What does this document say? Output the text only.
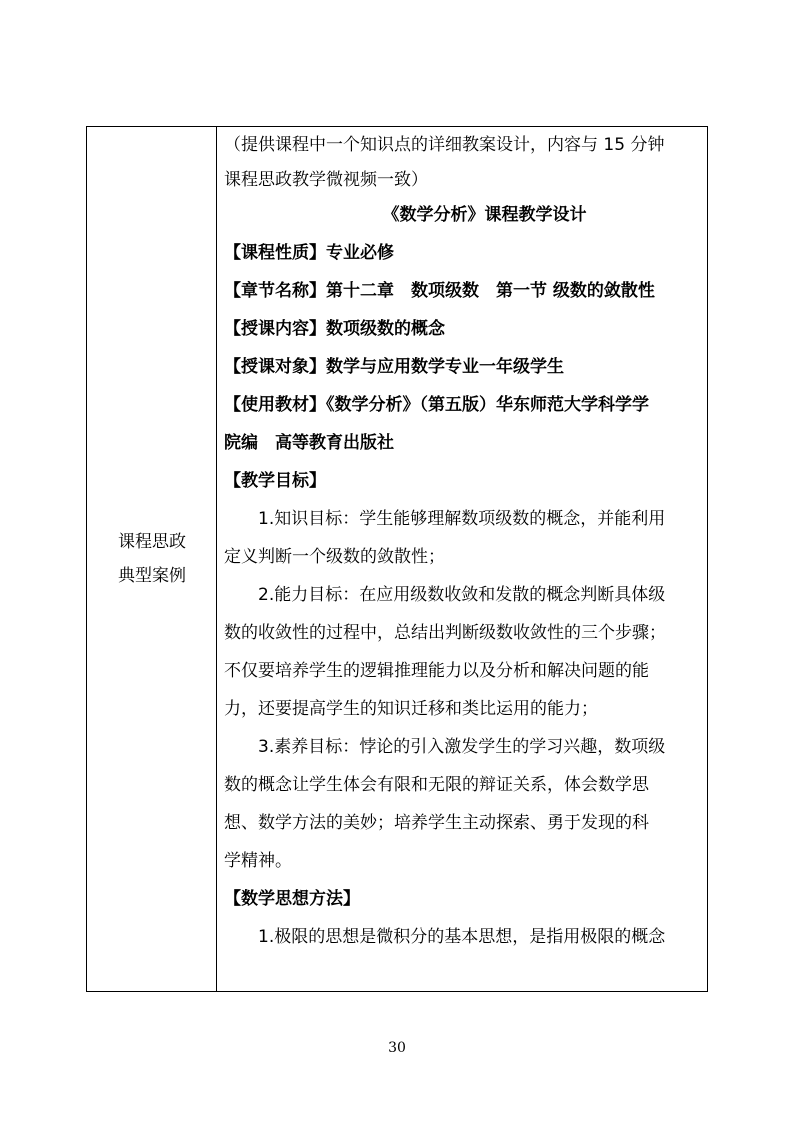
课程思政
典型案例
（提供课程中一个知识点的详细教案设计，内容与 15 分钟
课程思政教学微视频一致）
《数学分析》课程教学设计
【课程性质】专业必修
【章节名称】第十二章　数项级数　第一节 级数的敛散性
【授课内容】数项级数的概念
【授课对象】数学与应用数学专业一年级学生
【使用教材】《数学分析》（第五版）华东师范大学科学学
院编　高等教育出版社
【教学目标】
1.知识目标：学生能够理解数项级数的概念，并能利用
定义判断一个级数的敛散性；
2.能力目标：在应用级数收敛和发散的概念判断具体级
数的收敛性的过程中，总结出判断级数收敛性的三个步骤；
不仅要培养学生的逻辑推理能力以及分析和解决问题的能
力，还要提高学生的知识迁移和类比运用的能力；
3.素养目标：悖论的引入激发学生的学习兴趣，数项级
数的概念让学生体会有限和无限的辩证关系，体会数学思
想、数学方法的美妙；培养学生主动探索、勇于发现的科
学精神。
【数学思想方法】
1.极限的思想是微积分的基本思想，是指用极限的概念
30
